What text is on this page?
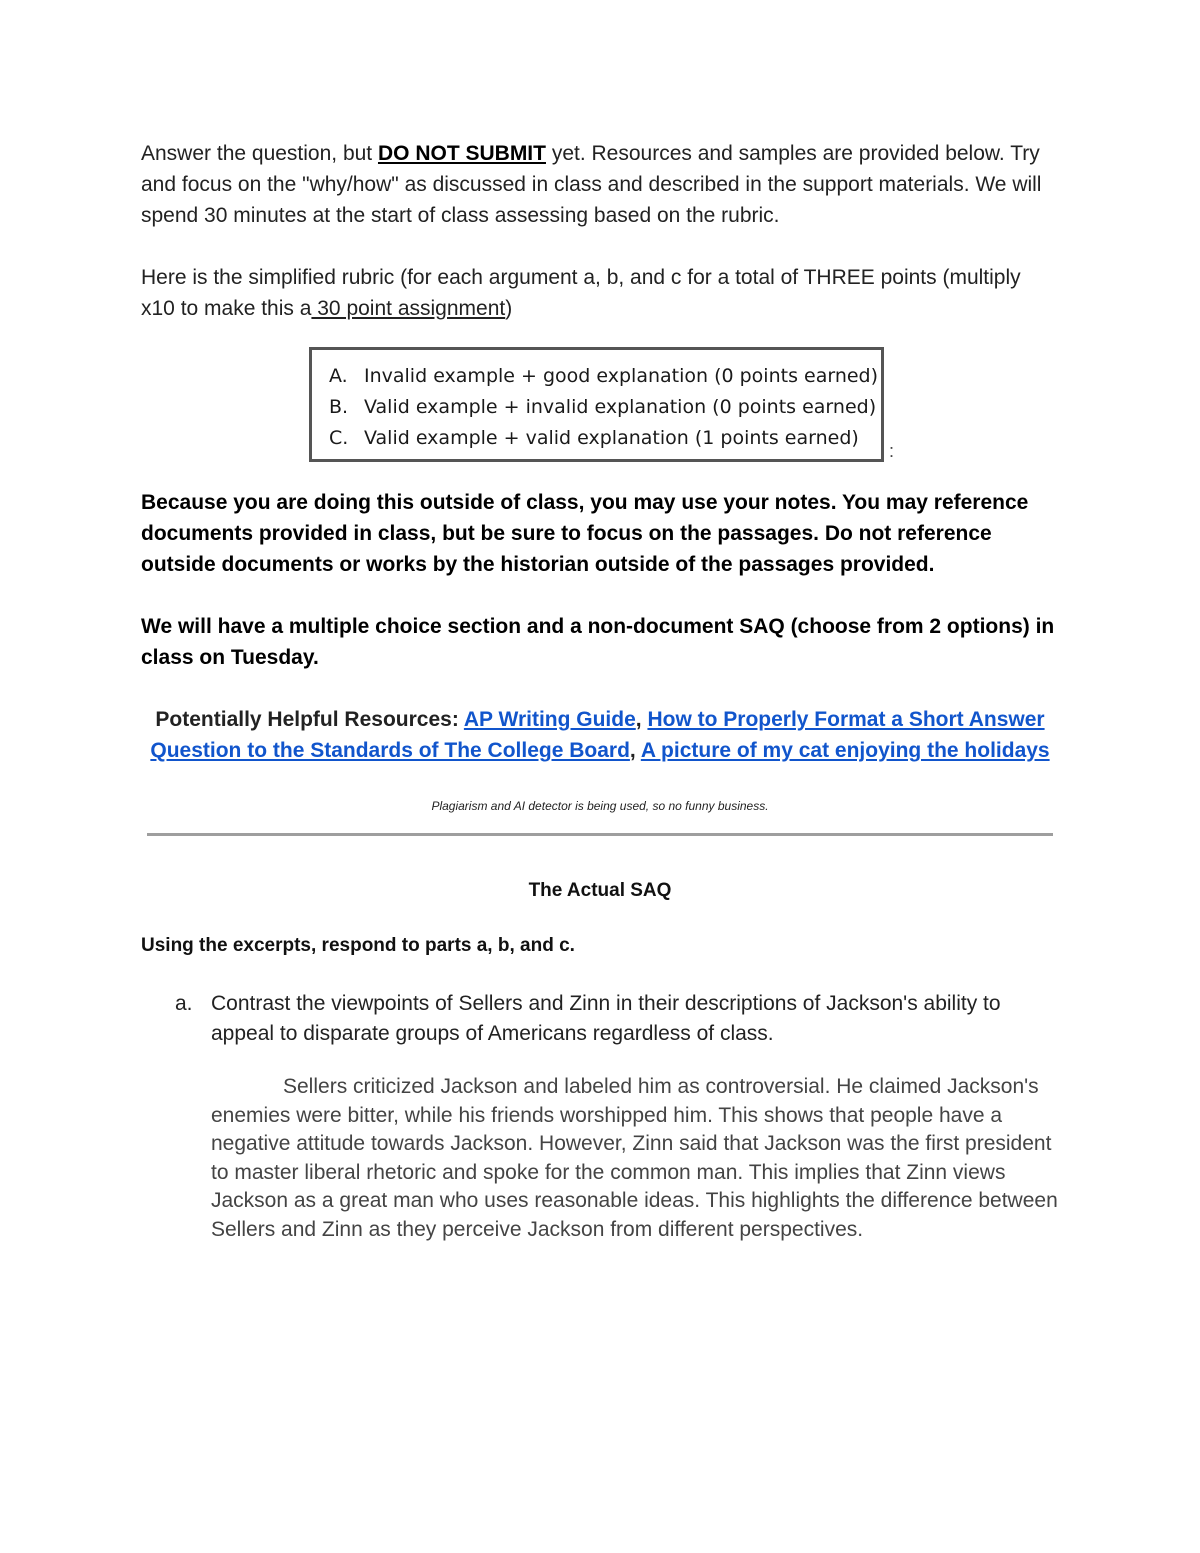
Answer the question, but DO NOT SUBMIT yet. Resources and samples are provided below. Try and focus on the "why/how" as discussed in class and described in the support materials. We will spend 30 minutes at the start of class assessing based on the rubric.

Here is the simplified rubric (for each argument a, b, and c for a total of THREE points (multiply x10 to make this a 30 point assignment)

A. Invalid example + good explanation (0 points earned)
B. Valid example + invalid explanation (0 points earned)
C. Valid example + valid explanation (1 points earned)
:

Because you are doing this outside of class, you may use your notes. You may reference documents provided in class, but be sure to focus on the passages. Do not reference outside documents or works by the historian outside of the passages provided.

We will have a multiple choice section and a non-document SAQ (choose from 2 options) in class on Tuesday.

Potentially Helpful Resources: AP Writing Guide, How to Properly Format a Short Answer Question to the Standards of The College Board, A picture of my cat enjoying the holidays

Plagiarism and AI detector is being used, so no funny business.

The Actual SAQ

Using the excerpts, respond to parts a, b, and c.

a. Contrast the viewpoints of Sellers and Zinn in their descriptions of Jackson's ability to appeal to disparate groups of Americans regardless of class.

Sellers criticized Jackson and labeled him as controversial. He claimed Jackson's enemies were bitter, while his friends worshipped him. This shows that people have a negative attitude towards Jackson. However, Zinn said that Jackson was the first president to master liberal rhetoric and spoke for the common man. This implies that Zinn views Jackson as a great man who uses reasonable ideas. This highlights the difference between Sellers and Zinn as they perceive Jackson from different perspectives.
